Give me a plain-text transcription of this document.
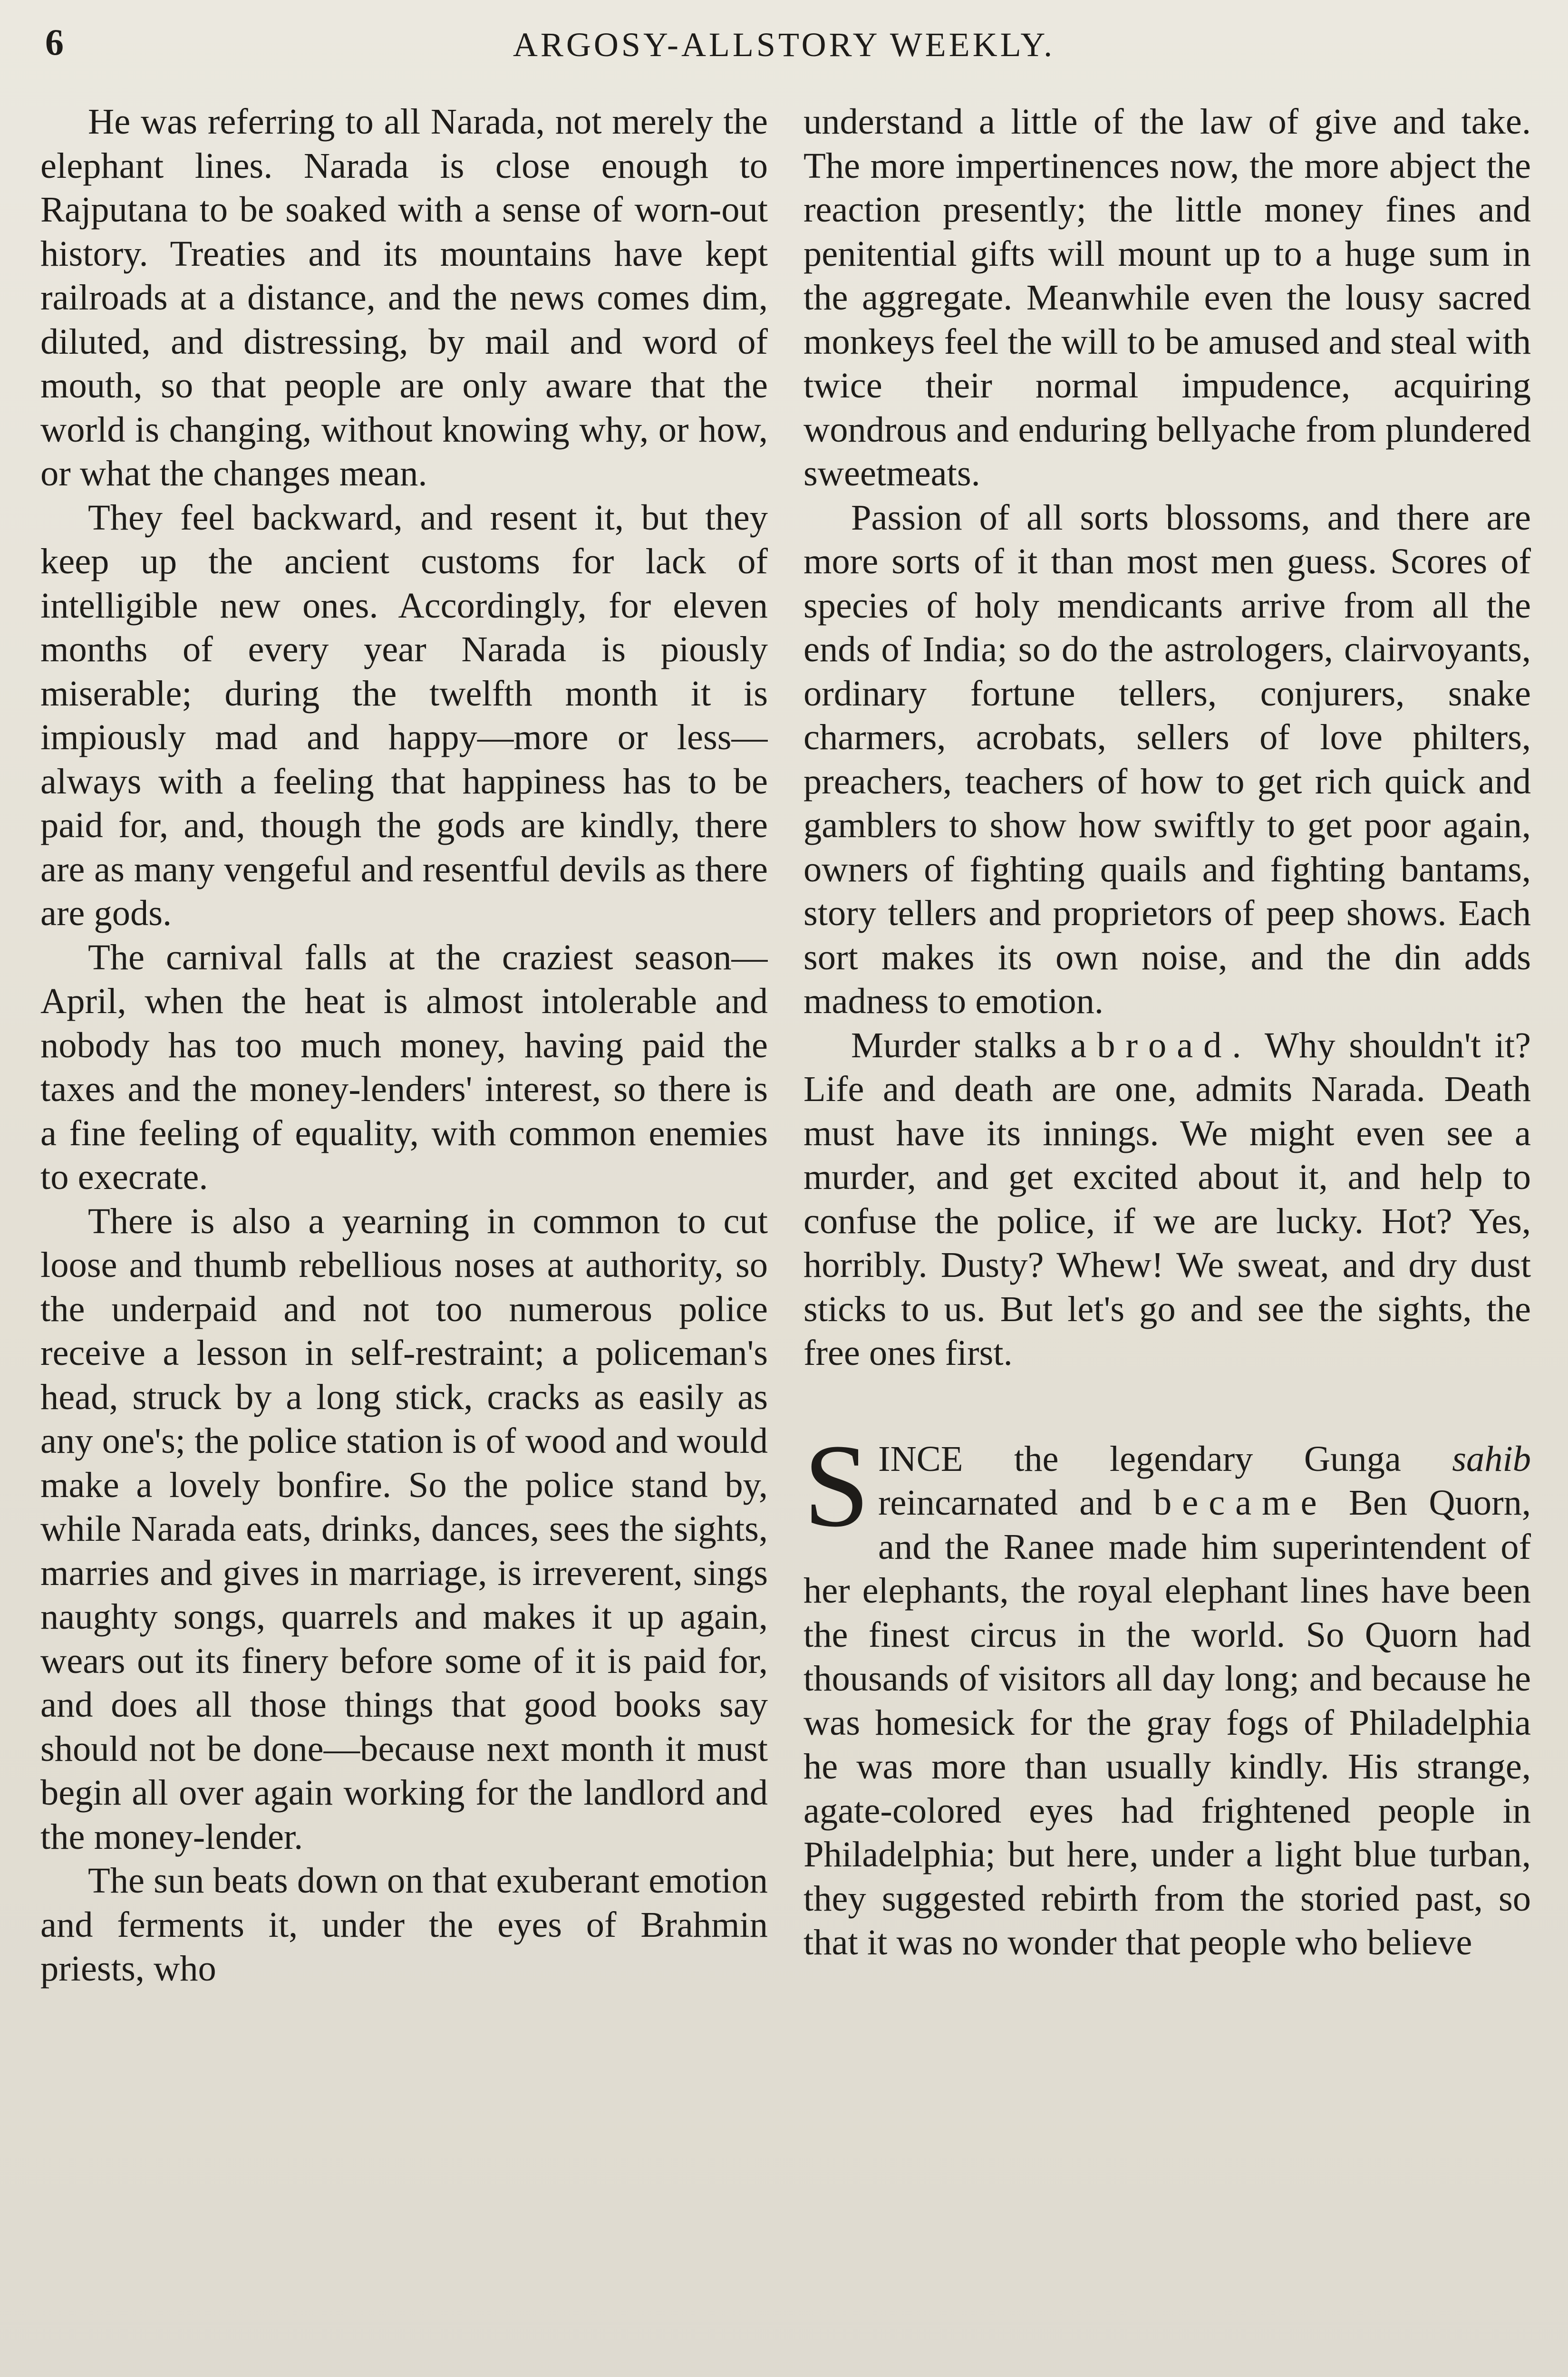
6	ARGOSY-ALLSTORY WEEKLY.

He was referring to all Narada, not merely the elephant lines. Narada is close enough to Rajputana to be soaked with a sense of worn-out history. Treaties and its mountains have kept railroads at a distance, and the news comes dim, diluted, and distressing, by mail and word of mouth, so that people are only aware that the world is changing, without knowing why, or how, or what the changes mean.

They feel backward, and resent it, but they keep up the ancient customs for lack of intelligible new ones. Accordingly, for eleven months of every year Narada is piously miserable; during the twelfth month it is impiously mad and happy—more or less—always with a feeling that happiness has to be paid for, and, though the gods are kindly, there are as many vengeful and resentful devils as there are gods.

The carnival falls at the craziest season—April, when the heat is almost intolerable and nobody has too much money, having paid the taxes and the money-lenders' interest, so there is a fine feeling of equality, with common enemies to execrate.

There is also a yearning in common to cut loose and thumb rebellious noses at authority, so the underpaid and not too numerous police receive a lesson in self-restraint; a policeman's head, struck by a long stick, cracks as easily as any one's; the police station is of wood and would make a lovely bonfire. So the police stand by, while Narada eats, drinks, dances, sees the sights, marries and gives in marriage, is irreverent, sings naughty songs, quarrels and makes it up again, wears out its finery before some of it is paid for, and does all those things that good books say should not be done—because next month it must begin all over again working for the landlord and the money-lender.

The sun beats down on that exuberant emotion and ferments it, under the eyes of Brahmin priests, who

understand a little of the law of give and take. The more impertinences now, the more abject the reaction presently; the little money fines and penitential gifts will mount up to a huge sum in the aggregate. Meanwhile even the lousy sacred monkeys feel the will to be amused and steal with twice their normal impudence, acquiring wondrous and enduring bellyache from plundered sweetmeats.

Passion of all sorts blossoms, and there are more sorts of it than most men guess. Scores of species of holy mendicants arrive from all the ends of India; so do the astrologers, clairvoyants, ordinary fortune tellers, conjurers, snake charmers, acrobats, sellers of love philters, preachers, teachers of how to get rich quick and gamblers to show how swiftly to get poor again, owners of fighting quails and fighting bantams, story tellers and proprietors of peep shows. Each sort makes its own noise, and the din adds madness to emotion.

Murder stalks abroad. Why shouldn't it? Life and death are one, admits Narada. Death must have its innings. We might even see a murder, and get excited about it, and help to confuse the police, if we are lucky. Hot? Yes, horribly. Dusty? Whew! We sweat, and dry dust sticks to us. But let's go and see the sights, the free ones first.

SINCE the legendary Gunga sahib reincarnated and became Ben Quorn, and the Ranee made him superintendent of her elephants, the royal elephant lines have been the finest circus in the world. So Quorn had thousands of visitors all day long; and because he was homesick for the gray fogs of Philadelphia he was more than usually kindly. His strange, agate-colored eyes had frightened people in Philadelphia; but here, under a light blue turban, they suggested rebirth from the storied past, so that it was no wonder that people who believe
